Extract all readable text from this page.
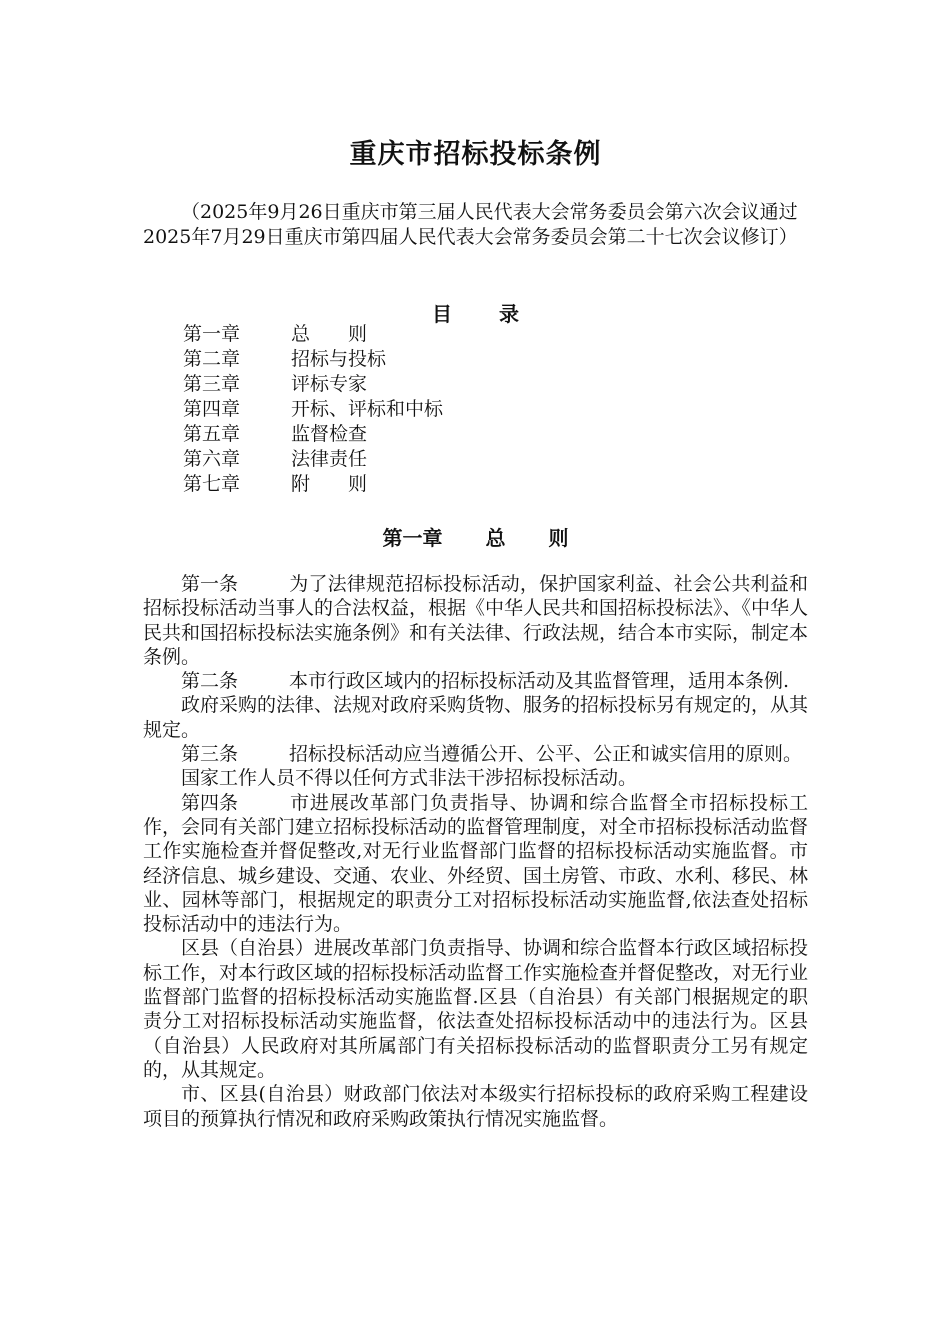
重庆市招标投标条例

（2025年9月26日重庆市第三届人民代表大会常务委员会第六次会议通过　　2025年7月29日重庆市第四届人民代表大会常务委员会第二十七次会议修订）

目 录
第一章	总　　则
第二章	招标与投标
第三章	评标专家
第四章	开标、评标和中标
第五章	监督检查
第六章	法律责任
第七章	附　　则
第一章 总 则

第一条	为了法律规范招标投标活动，保护国家利益、社会公共利益和招标投标活动当事人的合法权益，根据《中华人民共和国招标投标法》、《中华人民共和国招标投标法实施条例》和有关法律、行政法规，结合本市实际，制定本条例。

第二条	本市行政区域内的招标投标活动及其监督管理，适用本条例.

政府采购的法律、法规对政府采购货物、服务的招标投标另有规定的，从其规定。

第三条	招标投标活动应当遵循公开、公平、公正和诚实信用的原则。

国家工作人员不得以任何方式非法干涉招标投标活动。

第四条	市进展改革部门负责指导、协调和综合监督全市招标投标工作，会同有关部门建立招标投标活动的监督管理制度，对全市招标投标活动监督工作实施检查并督促整改,对无行业监督部门监督的招标投标活动实施监督。市经济信息、城乡建设、交通、农业、外经贸、国土房管、市政、水利、移民、林业、园林等部门，根据规定的职责分工对招标投标活动实施监督,依法查处招标投标活动中的违法行为。

区县（自治县）进展改革部门负责指导、协调和综合监督本行政区域招标投标工作，对本行政区域的招标投标活动监督工作实施检查并督促整改，对无行业监督部门监督的招标投标活动实施监督.区县（自治县）有关部门根据规定的职责分工对招标投标活动实施监督，依法查处招标投标活动中的违法行为。区县（自治县）人民政府对其所属部门有关招标投标活动的监督职责分工另有规定的，从其规定。

市、区县(自治县）财政部门依法对本级实行招标投标的政府采购工程建设项目的预算执行情况和政府采购政策执行情况实施监督。
